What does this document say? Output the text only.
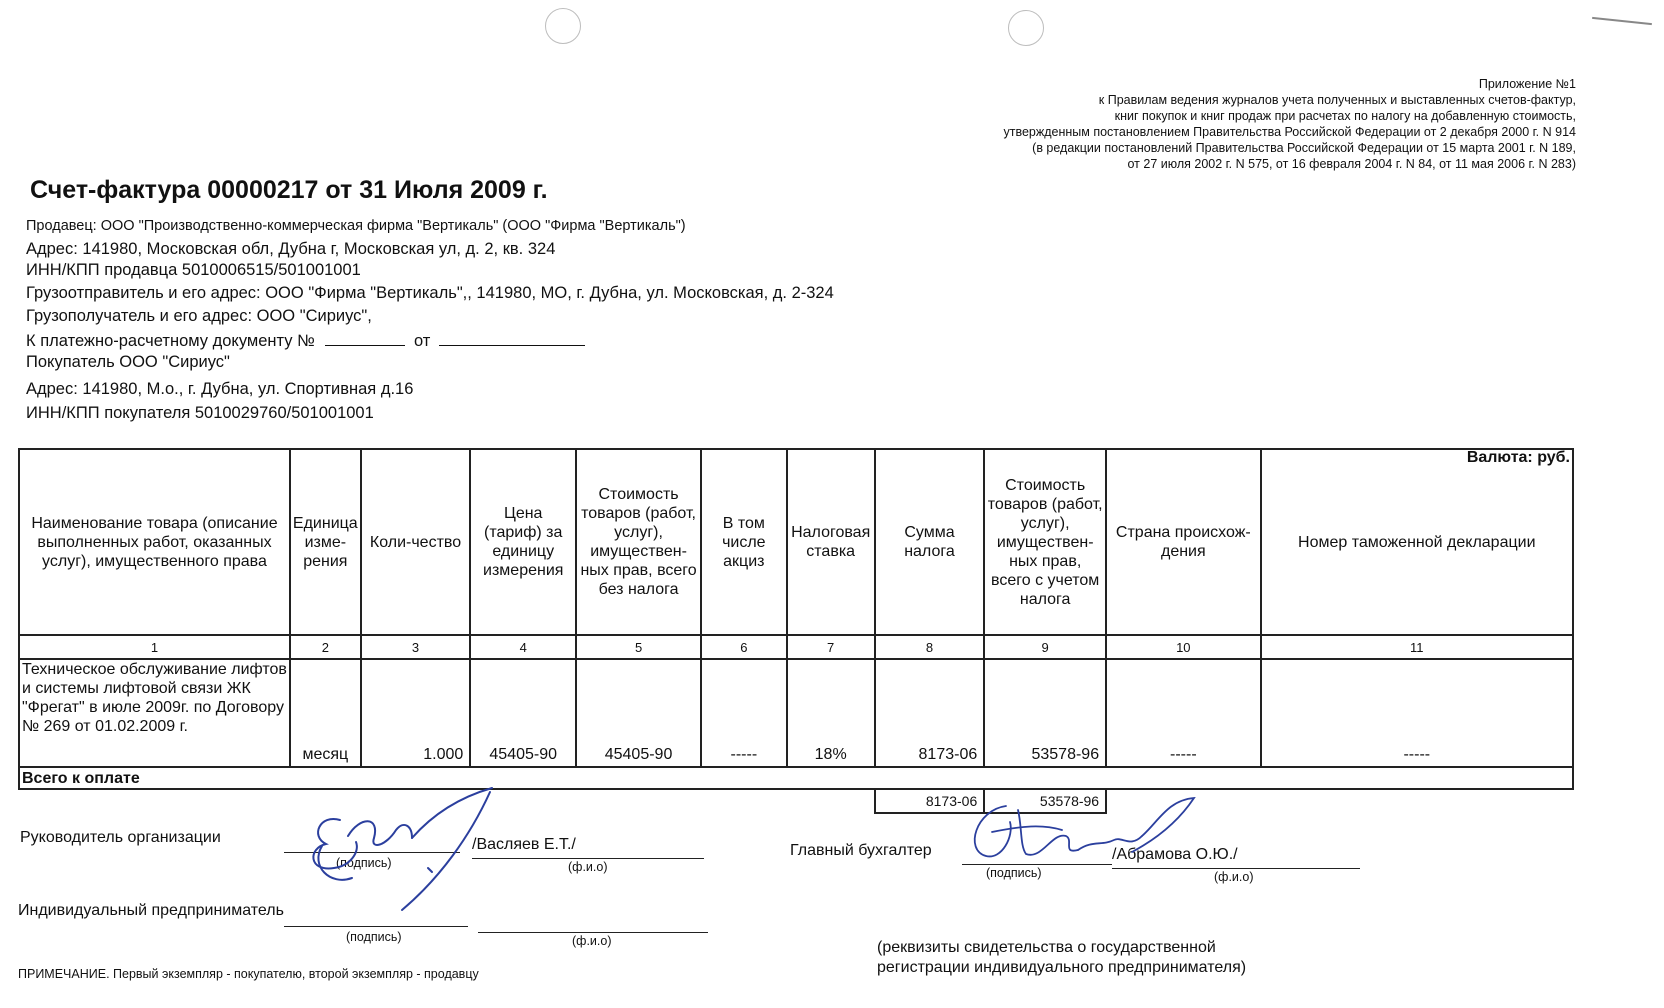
Приложение №1
к Правилам ведения журналов учета полученных и выставленных счетов-фактур,
книг покупок и книг продаж при расчетах по налогу на добавленную стоимость,
утвержденным постановлением Правительства Российской Федерации от 2 декабря 2000 г. N 914
(в редакции постановлений Правительства Российской Федерации от 15 марта 2001 г. N 189,
от 27 июля 2002 г. N 575, от 16 февраля 2004 г. N 84, от 11 мая 2006 г. N 283)
Счет-фактура 00000217 от 31 Июля 2009 г.
Продавец: ООО "Производственно-коммерческая фирма "Вертикаль" (ООО "Фирма "Вертикаль")
Адрес: 141980, Московская обл, Дубна г, Московская ул, д. 2, кв. 324
ИНН/КПП продавца 5010006515/501001001
Грузоотправитель и его адрес: ООО "Фирма "Вертикаль",, 141980, МО, г. Дубна, ул. Московская, д. 2-324
Грузополучатель и его адрес: ООО "Сириус",
К платежно-расчетному документу №	от
Покупатель ООО "Сириус"
Адрес: 141980, М.о., г. Дубна, ул. Спортивная д.16
ИНН/КПП покупателя 5010029760/501001001
Наименование товара (описание выполненных работ, оказанных услуг), имущественного права	Единица изме-рения	Коли-чество	Цена (тариф) за единицу измерения	Стоимость товаров (работ, услуг), имуществен-ных прав, всего без налога	В том числе акциз	Налоговая ставка	Сумма налога	Стоимость товаров (работ, услуг), имуществен-ных прав, всего с учетом налога	Страна происхож-дения	Номер таможенной декларации
1	2	3	4	5	6	7	8	9	10	11
Техническое обслуживание лифтов и системы лифтовой связи ЖК "Фрегат" в июле 2009г. по Договору № 269 от 01.02.2009 г.	месяц	1.000	45405-90	45405-90	-----	18%	8173-06	53578-96	-----	-----
Всего к оплате										
							8173-06	53578-96		
Валюта: руб.
Руководитель организации
(подпись)
/Васляев Е.Т./
(ф.и.о)
Главный бухгалтер
(подпись)
/Абрамова О.Ю./
(ф.и.о)
Индивидуальный предприниматель
(подпись)	(ф.и.о)	(реквизиты свидетельства о государственной регистрации индивидуального предпринимателя)
ПРИМЕЧАНИЕ. Первый экземпляр - покупателю, второй экземпляр - продавцу
